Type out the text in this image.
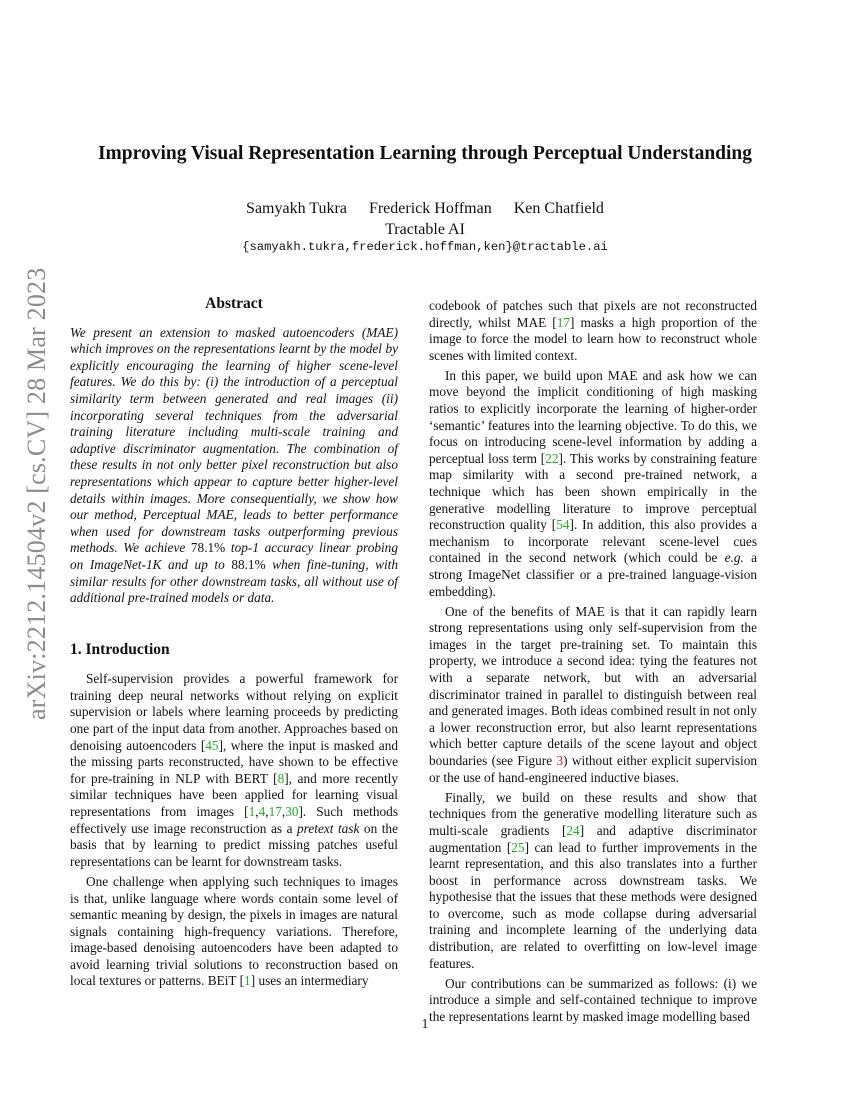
arXiv:2212.14504v2 [cs.CV] 28 Mar 2023
Improving Visual Representation Learning through Perceptual Understanding
Samyakh Tukra Frederick Hoffman Ken Chatfield
Tractable AI
{samyakh.tukra,frederick.hoffman,ken}@tractable.ai
Abstract

We present an extension to masked autoencoders (MAE) which improves on the representations learnt by the model by explicitly encouraging the learning of higher scene-level features. We do this by: (i) the introduction of a perceptual similarity term between generated and real images (ii) incorporating several techniques from the adversarial training literature including multi-scale training and adaptive discriminator augmentation. The combination of these results in not only better pixel reconstruction but also representations which appear to capture better higher-level details within images. More consequentially, we show how our method, Perceptual MAE, leads to better performance when used for downstream tasks outperforming previous methods. We achieve 78.1% top-1 accuracy linear probing on ImageNet-1K and up to 88.1% when fine-tuning, with similar results for other downstream tasks, all without use of additional pre-trained models or data.

1. Introduction

Self-supervision provides a powerful framework for training deep neural networks without relying on explicit supervision or labels where learning proceeds by predicting one part of the input data from another. Approaches based on denoising autoencoders [45], where the input is masked and the missing parts reconstructed, have shown to be effective for pre-training in NLP with BERT [8], and more recently similar techniques have been applied for learning visual representations from images [1,4,17,30]. Such methods effectively use image reconstruction as a pretext task on the basis that by learning to predict missing patches useful representations can be learnt for downstream tasks.

One challenge when applying such techniques to images is that, unlike language where words contain some level of semantic meaning by design, the pixels in images are natural signals containing high-frequency variations. Therefore, image-based denoising autoencoders have been adapted to avoid learning trivial solutions to reconstruction based on local textures or patterns. BEiT [1] uses an intermediary

codebook of patches such that pixels are not reconstructed directly, whilst MAE [17] masks a high proportion of the image to force the model to learn how to reconstruct whole scenes with limited context.

In this paper, we build upon MAE and ask how we can move beyond the implicit conditioning of high masking ratios to explicitly incorporate the learning of higher-order ‘semantic’ features into the learning objective. To do this, we focus on introducing scene-level information by adding a perceptual loss term [22]. This works by constraining feature map similarity with a second pre-trained network, a technique which has been shown empirically in the generative modelling literature to improve perceptual reconstruction quality [54]. In addition, this also provides a mechanism to incorporate relevant scene-level cues contained in the second network (which could be e.g. a strong ImageNet classifier or a pre-trained language-vision embedding).

One of the benefits of MAE is that it can rapidly learn strong representations using only self-supervision from the images in the target pre-training set. To maintain this property, we introduce a second idea: tying the features not with a separate network, but with an adversarial discriminator trained in parallel to distinguish between real and generated images. Both ideas combined result in not only a lower reconstruction error, but also learnt representations which better capture details of the scene layout and object boundaries (see Figure 3) without either explicit supervision or the use of hand-engineered inductive biases.

Finally, we build on these results and show that techniques from the generative modelling literature such as multi-scale gradients [24] and adaptive discriminator augmentation [25] can lead to further improvements in the learnt representation, and this also translates into a further boost in performance across downstream tasks. We hypothesise that the issues that these methods were designed to overcome, such as mode collapse during adversarial training and incomplete learning of the underlying data distribution, are related to overfitting on low-level image features.

Our contributions can be summarized as follows: (i) we introduce a simple and self-contained technique to improve the representations learnt by masked image modelling based

1
